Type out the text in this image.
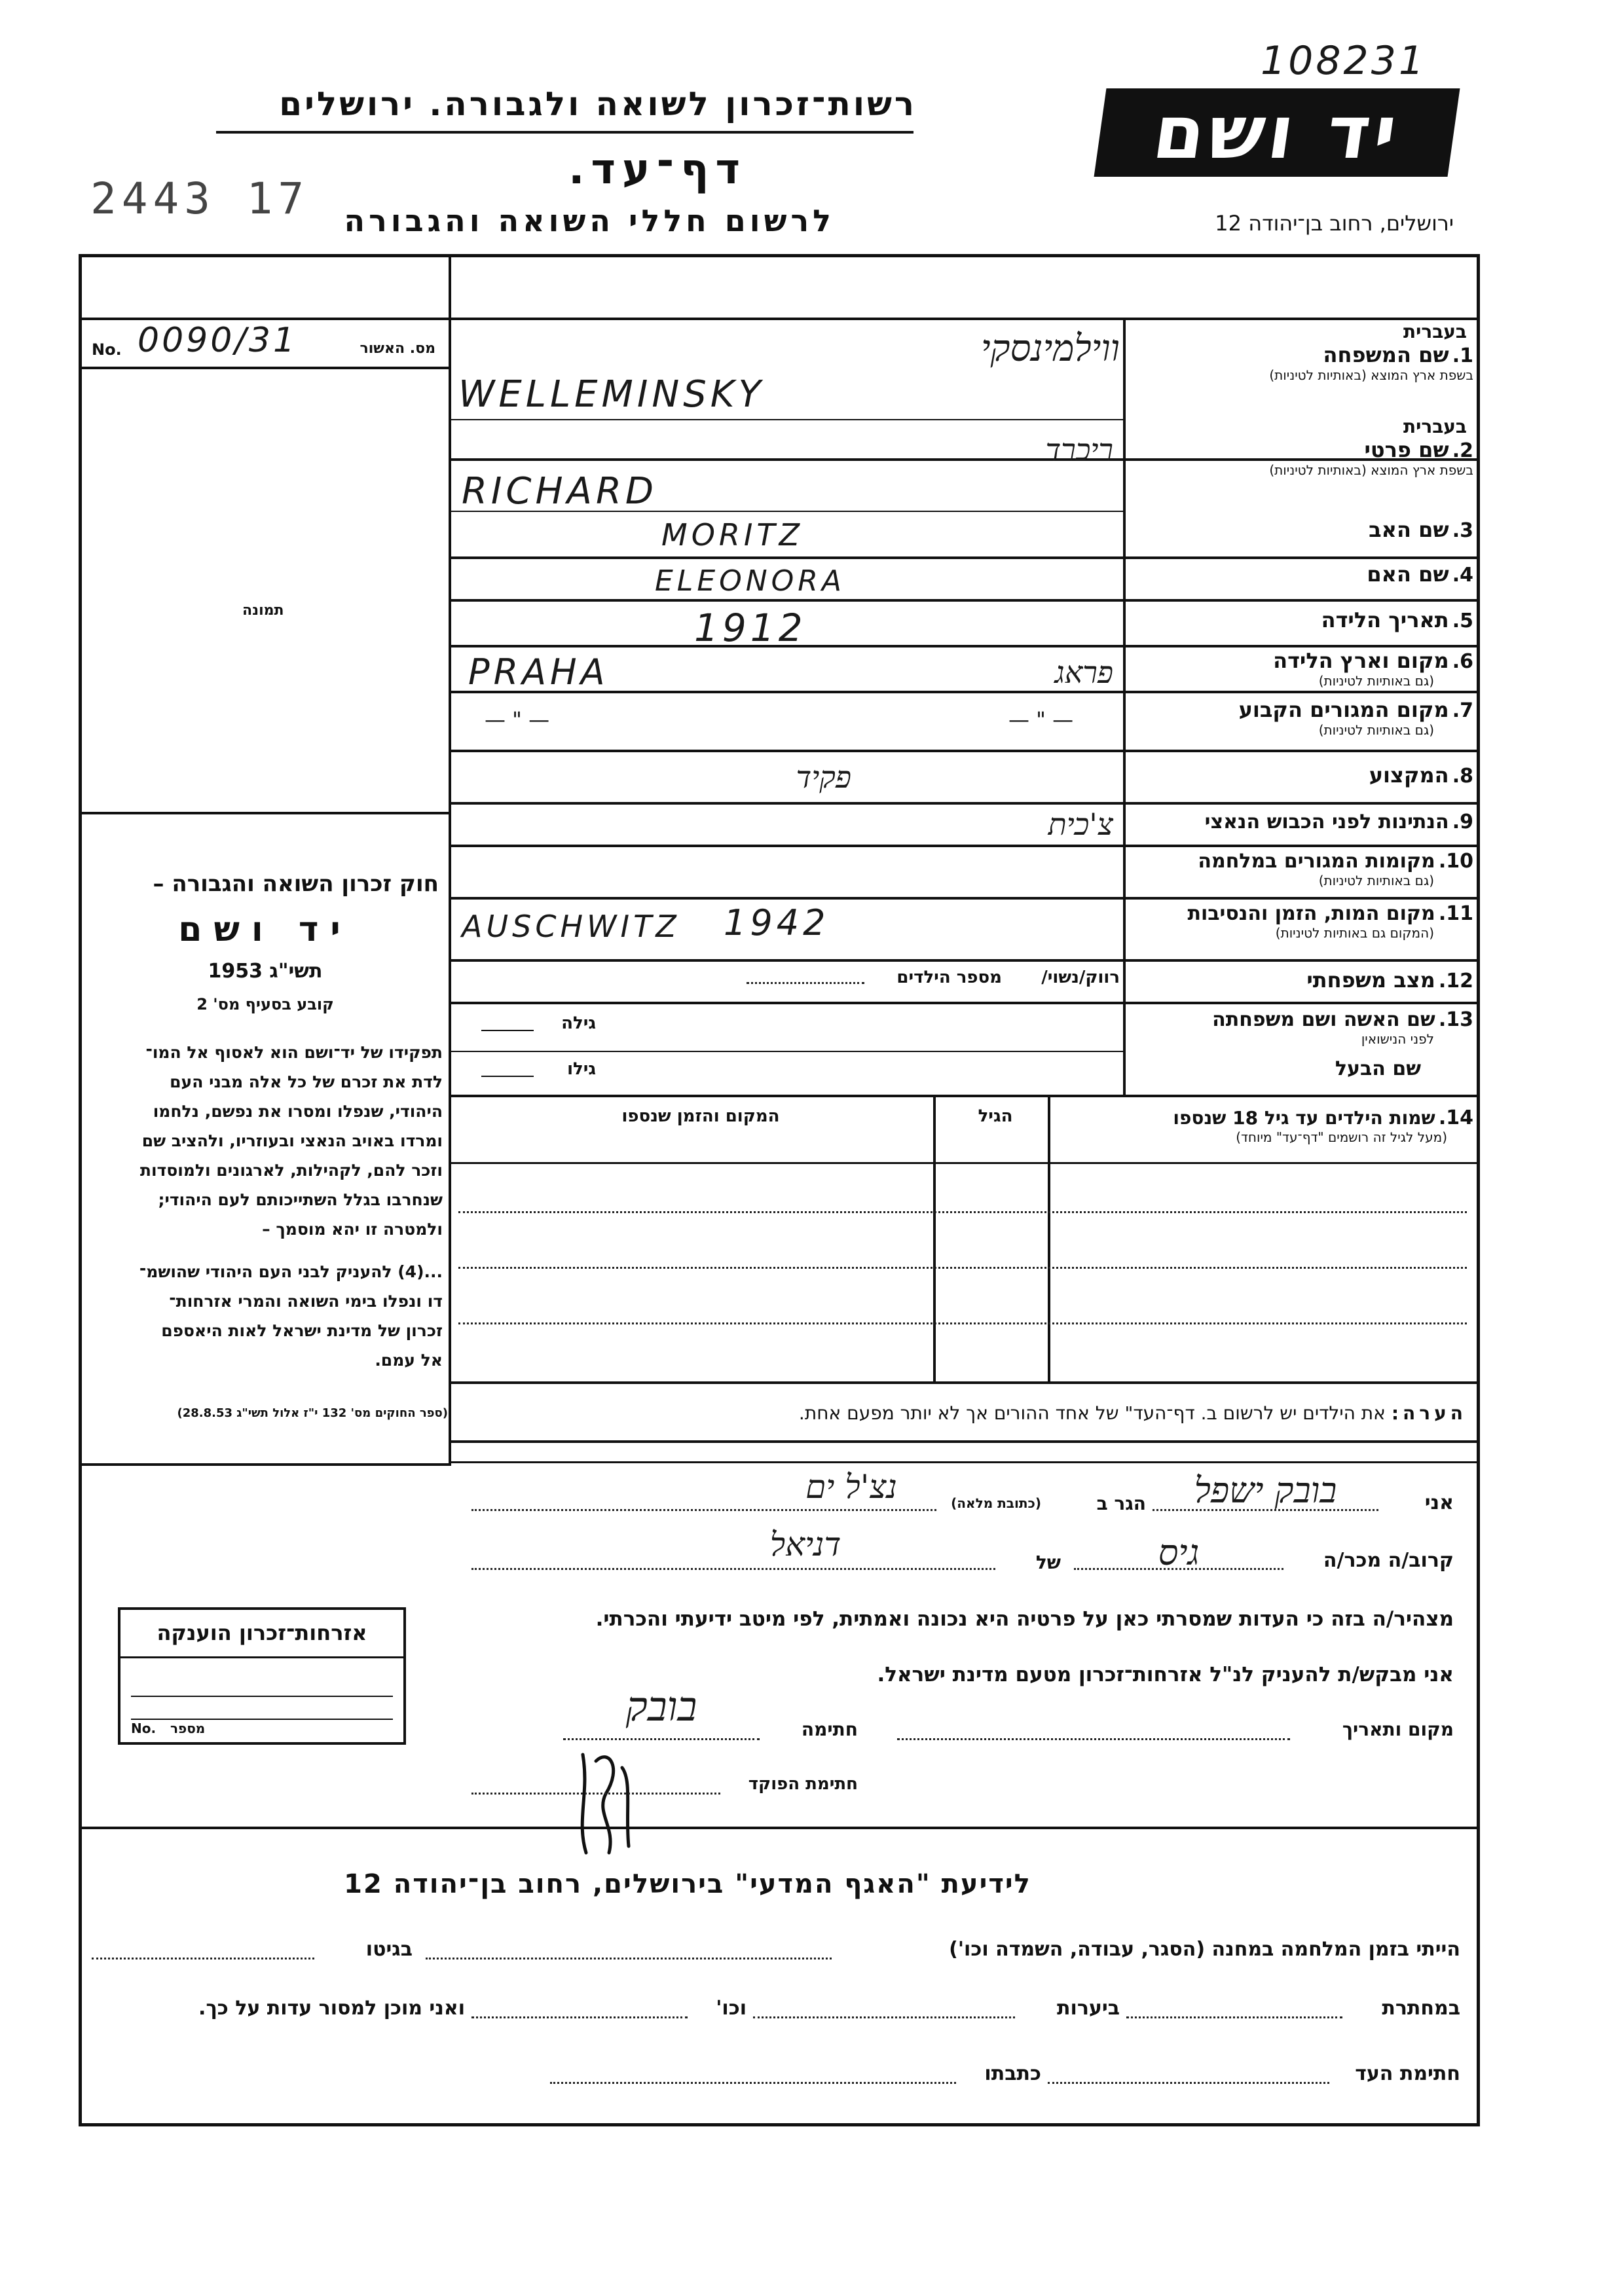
108231
יד ושם
רשות־זכרון לשואה ולגבורה. ירושלים
דף־עד.
2443 17	לרשום חללי השואה והגבורה	ירושלים, רחוב בן־יהודה 12
No. 0090/31	מס. האשור
תמונה
חוק זכרון השואה והגבורה –
יד ושם
תשי"ג 1953
קובע בסעיף מס' 2
תפקידו של יד־ושם הוא לאסוף אל המו־
לדת את זכרם של כל אלה מבני העם
היהודי, שנפלו ומסרו את נפשם, נלחמו
ומרדו באויב הנאצי ובעוזריו, ולהציב שם
וזכר להם, לקהילות, לארגונים ולמוסדות
שנחרבו בגלל השתייכותם לעם היהודי;
ולמטרה זו יהא מוסמך –
...(4) להעניק לבני העם היהודי שהושמ־
דו ונפלו בימי השואה והמרי אזרחות־
זכרון של מדינת ישראל לאות היאספם
אל עמם.
(ספר החוקים מס' 132 י"ז אלול תשי"ג 28.8.53)
אזרחות־זכרון הוענקה
No. מספר
בעברית
1. שם המשפחה
בשפת ארץ המוצא (באותיות לטיניות)
ווילמינסקי
WELLEMINSKY
בעברית
2. שם פרטי
בשפת ארץ המוצא (באותיות לטיניות)
ריכרד
RICHARD
3. שם האב
MORITZ
4. שם האם
ELEONORA
5. תאריך הלידה
1912
6. מקום וארץ הלידה
(גם באותיות לטיניות)
PRAHA	פראג
7. מקום המגורים הקבוע
(גם באותיות לטיניות)
— " —	— " —
8. המקצוע
פקיד
9. הנתינות לפני הכבוש הנאצי
צ'כית
10. מקומות המגורים במלחמה
(גם באותיות לטיניות)
11. מקום המות, הזמן והנסיבות
(המקום גם באותיות לטיניות)
AUSCHWITZ 1942
12. מצב משפחתי
רווק/נשוי/
מספר הילדים
13. שם האשה ושם משפחתה
לפני הנישואין
גילה
שם הבעל
גילו
14. שמות הילדים עד גיל 18 שנספו
(מעל לגיל זה רושמים "דף־עד" מיוחד)
הגיל
המקום והזמן שנספו
הערה: את הילדים יש לרשום ב. דף־העד" של אחד ההורים אך לא יותר מפעם אחת.
אני
בובק ישפל
הגר ב
(כתובת מלאה)
נצ'ל ים
קרוב/ה מכר/ה
גיס
של
דניאל
מצהיר/ה בזה כי העדות שמסרתי כאן על פרטיה היא נכונה ואמתית, לפי מיטב ידיעתי והכרתי.
אני מבקש/ת להעניק לנ"ל אזרחות־זכרון מטעם מדינת ישראל.
מקום ותאריך
חתימה
בובק
חתימת הפוקד
לידיעת "האגף המדעי" בירושלים, רחוב בן־יהודה 12
הייתי בזמן המלחמה במחנה (הסגר, עבודה, השמדה וכו')
בגיטו
במחתרת
ביערות
וכו'
ואני מוכן למסור עדות על כך.
חתימת העד
כתבתו
